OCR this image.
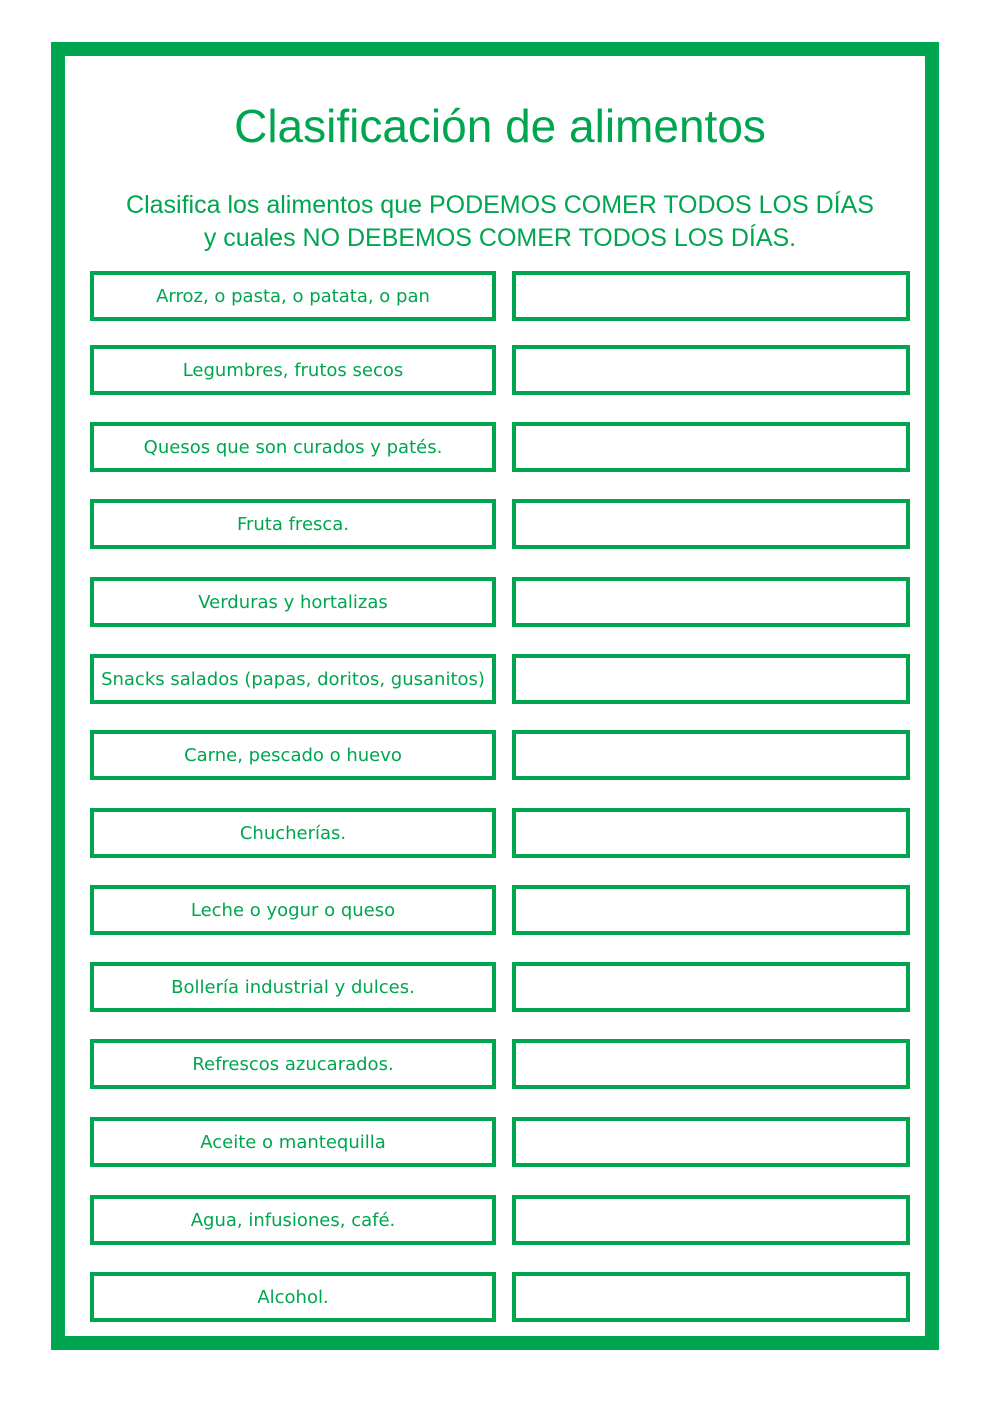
Clasificación de alimentos
Clasifica los alimentos que PODEMOS COMER TODOS LOS DÍAS
y cuales NO DEBEMOS COMER TODOS LOS DÍAS.
Arroz, o pasta, o patata, o pan
Legumbres, frutos secos
Quesos que son curados y patés.
Fruta fresca.
Verduras y hortalizas
Snacks salados (papas, doritos, gusanitos)
Carne, pescado o huevo
Chucherías.
Leche o yogur o queso
Bollería industrial y dulces.
Refrescos azucarados.
Aceite o mantequilla
Agua, infusiones, café.
Alcohol.
